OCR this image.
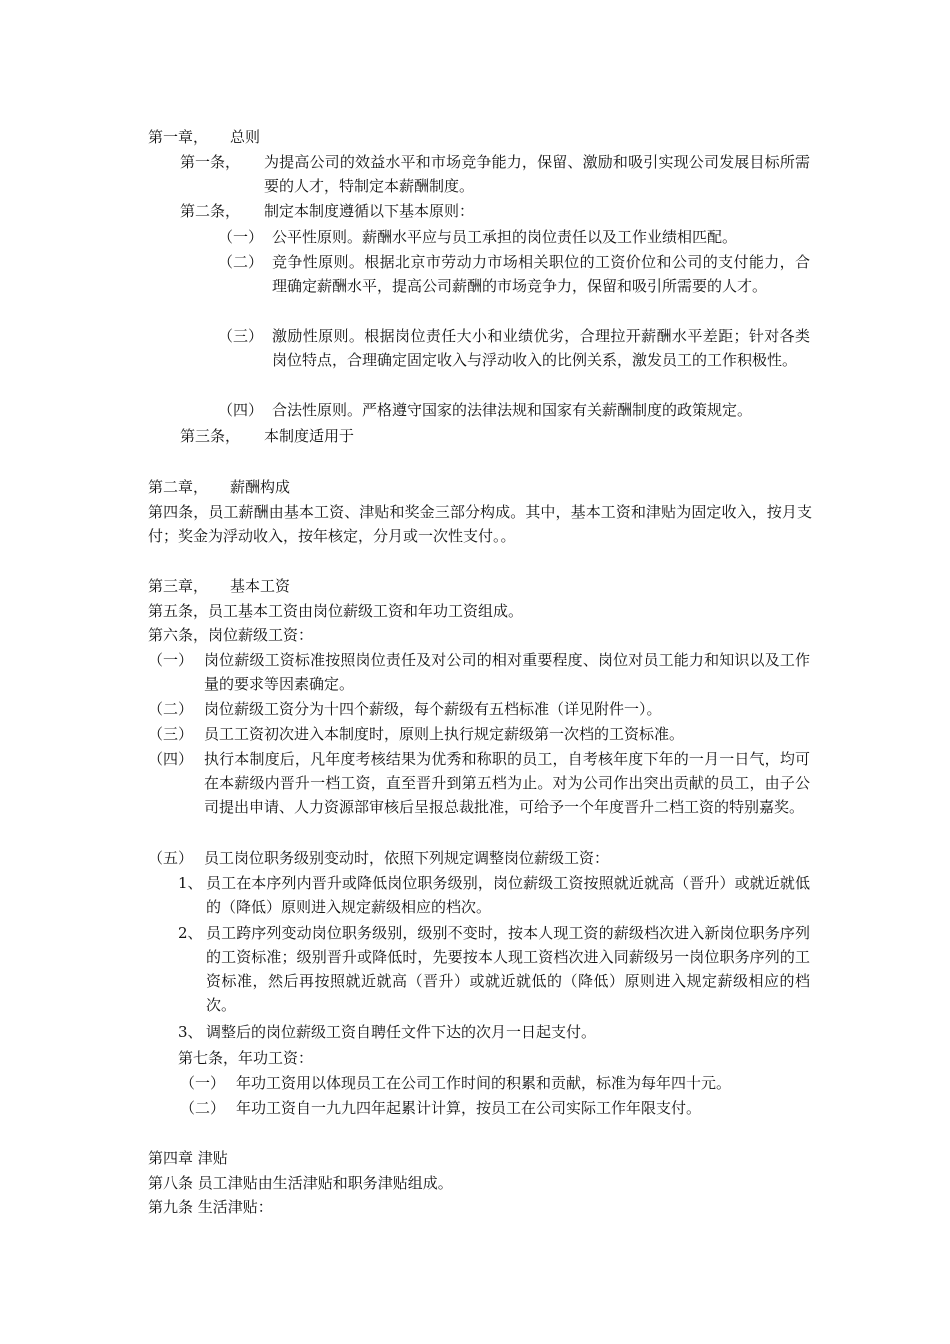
第一章， 总则
第一条，	为提高公司的效益水平和市场竞争能力，保留、激励和吸引实现公司发展目标所需要的人才，特制定本薪酬制度。
第二条，	制定本制度遵循以下基本原则：
（一） 公平性原则。薪酬水平应与员工承担的岗位责任以及工作业绩相匹配。
（二） 竞争性原则。根据北京市劳动力市场相关职位的工资价位和公司的支付能力，合理确定薪酬水平，提高公司薪酬的市场竞争力，保留和吸引所需要的人才。
（三） 激励性原则。根据岗位责任大小和业绩优劣，合理拉开薪酬水平差距；针对各类岗位特点，合理确定固定收入与浮动收入的比例关系，激发员工的工作积极性。
（四） 合法性原则。严格遵守国家的法律法规和国家有关薪酬制度的政策规定。
第三条，	本制度适用于
第二章， 薪酬构成
第四条，员工薪酬由基本工资、津贴和奖金三部分构成。其中，基本工资和津贴为固定收入，按月支付；奖金为浮动收入，按年核定，分月或一次性支付。。
第三章， 基本工资
第五条，员工基本工资由岗位薪级工资和年功工资组成。
第六条，岗位薪级工资：
（一） 岗位薪级工资标准按照岗位责任及对公司的相对重要程度、岗位对员工能力和知识以及工作量的要求等因素确定。
（二） 岗位薪级工资分为十四个薪级，每个薪级有五档标准（详见附件一）。
（三） 员工工资初次进入本制度时，原则上执行规定薪级第一次档的工资标准。
（四） 执行本制度后，凡年度考核结果为优秀和称职的员工，自考核年度下年的一月一日气，均可在本薪级内晋升一档工资，直至晋升到第五档为止。对为公司作出突出贡献的员工，由子公司提出申请、人力资源部审核后呈报总裁批准，可给予一个年度晋升二档工资的特别嘉奖。
（五） 员工岗位职务级别变动时，依照下列规定调整岗位薪级工资：
1、 员工在本序列内晋升或降低岗位职务级别，岗位薪级工资按照就近就高（晋升）或就近就低的（降低）原则进入规定薪级相应的档次。
2、 员工跨序列变动岗位职务级别，级别不变时，按本人现工资的薪级档次进入新岗位职务序列的工资标准；级别晋升或降低时，先要按本人现工资档次进入同薪级另一岗位职务序列的工资标准，然后再按照就近就高（晋升）或就近就低的（降低）原则进入规定薪级相应的档次。
3、 调整后的岗位薪级工资自聘任文件下达的次月一日起支付。
第七条，年功工资：
（一） 年功工资用以体现员工在公司工作时间的积累和贡献，标准为每年四十元。
（二） 年功工资自一九九四年起累计计算，按员工在公司实际工作年限支付。
第四章 津贴
第八条 员工津贴由生活津贴和职务津贴组成。
第九条 生活津贴：
